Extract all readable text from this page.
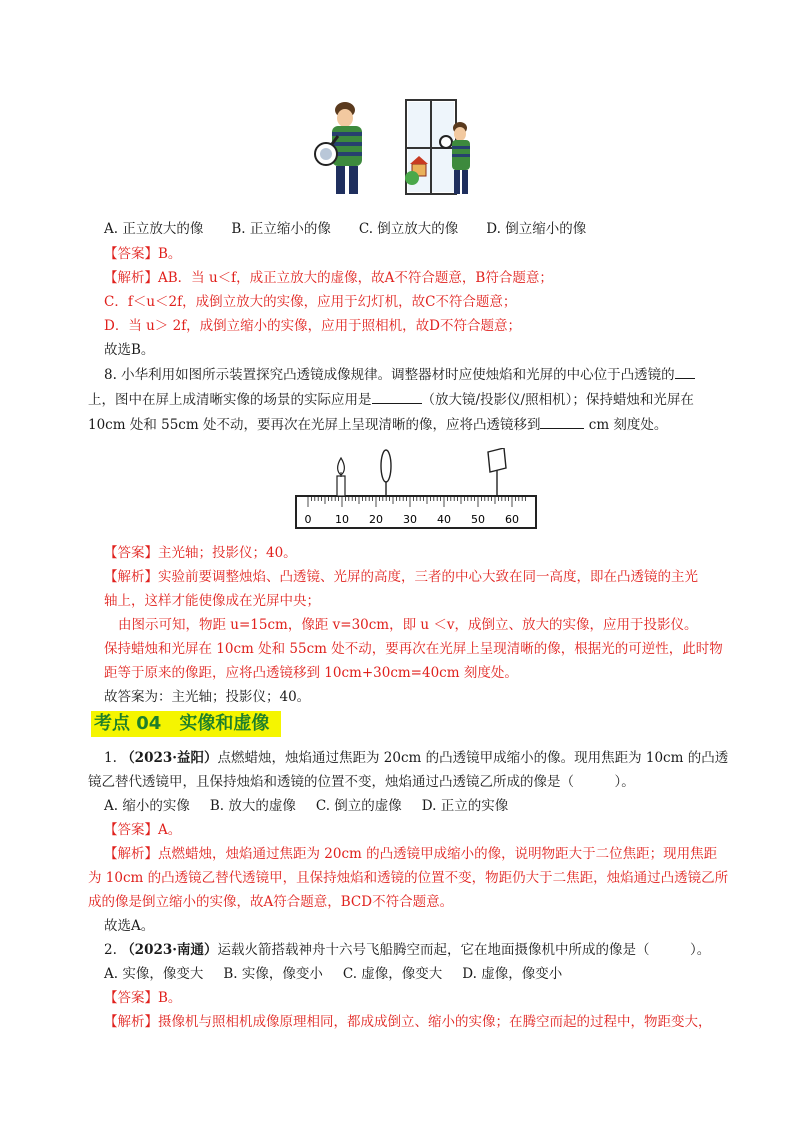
A. 正立放大的像 B. 正立缩小的像 C. 倒立放大的像 D. 倒立缩小的像
【答案】B。
【解析】AB．当 u＜f，成正立放大的虚像，故A不符合题意，B符合题意；
C．f＜u＜2f，成倒立放大的实像，应用于幻灯机，故C不符合题意；
D．当 u＞ 2f，成倒立缩小的实像，应用于照相机，故D不符合题意；
故选B。
8. 小华利用如图所示装置探究凸透镜成像规律。调整器材时应使烛焰和光屏的中心位于凸透镜的
上，图中在屏上成清晰实像的场景的实际应用是	（放大镜/投影仪/照相机）；保持蜡烛和光屏在
10cm 处和 55cm 处不动，要再次在光屏上呈现清晰的像，应将凸透镜移到	cm 刻度处。
0 10 20 30 40 50 60
【答案】主光轴；投影仪；40。
【解析】实验前要调整烛焰、凸透镜、光屏的高度，三者的中心大致在同一高度，即在凸透镜的主光
轴上，这样才能使像成在光屏中央；
由图示可知，物距 u=15cm，像距 v=30cm，即 u ＜v，成倒立、放大的实像，应用于投影仪。
保持蜡烛和光屏在 10cm 处和 55cm 处不动，要再次在光屏上呈现清晰的像，根据光的可逆性，此时物
距等于原来的像距，应将凸透镜移到 10cm+30cm=40cm 刻度处。
故答案为：主光轴；投影仪；40。
考点 04　实像和虚像
1. （2023·益阳）点燃蜡烛，烛焰通过焦距为 20cm 的凸透镜甲成缩小的像。现用焦距为 10cm 的凸透
镜乙替代透镜甲，且保持烛焰和透镜的位置不变，烛焰通过凸透镜乙所成的像是（　　　）。
A. 缩小的实像 B. 放大的虚像 C. 倒立的虚像 D. 正立的实像
【答案】A。
【解析】点燃蜡烛，烛焰通过焦距为 20cm 的凸透镜甲成缩小的像，说明物距大于二位焦距；现用焦距
为 10cm 的凸透镜乙替代透镜甲，且保持烛焰和透镜的位置不变，物距仍大于二焦距，烛焰通过凸透镜乙所
成的像是倒立缩小的实像，故A符合题意，BCD不符合题意。
故选A。
2. （2023·南通）运载火箭搭载神舟十六号飞船腾空而起，它在地面摄像机中所成的像是（　　　）。
A. 实像，像变大 B. 实像，像变小 C. 虚像，像变大 D. 虚像，像变小
【答案】B。
【解析】摄像机与照相机成像原理相同，都成成倒立、缩小的实像；在腾空而起的过程中，物距变大，
